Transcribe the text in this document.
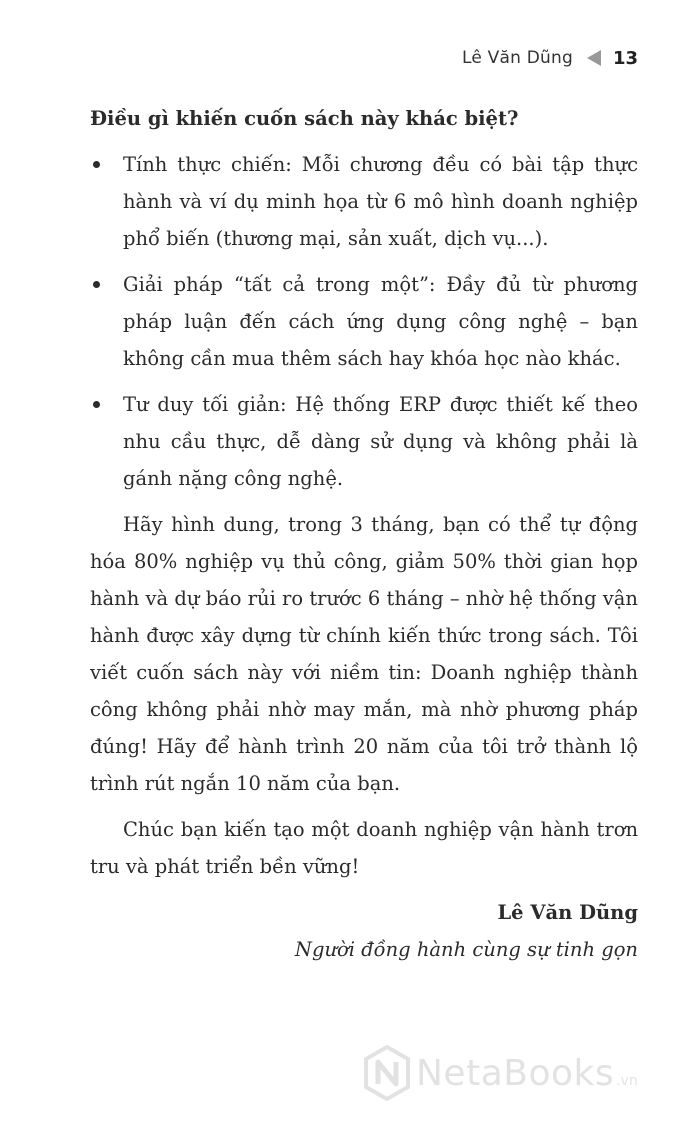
Lê Văn Dũng 13

Điều gì khiến cuốn sách này khác biệt?

Tính thực chiến: Mỗi chương đều có bài tập thực hành và ví dụ minh họa từ 6 mô hình doanh nghiệp phổ biến (thương mại, sản xuất, dịch vụ...).
Giải pháp “tất cả trong một”: Đầy đủ từ phương pháp luận đến cách ứng dụng công nghệ – bạn không cần mua thêm sách hay khóa học nào khác.
Tư duy tối giản: Hệ thống ERP được thiết kế theo nhu cầu thực, dễ dàng sử dụng và không phải là gánh nặng công nghệ.

Hãy hình dung, trong 3 tháng, bạn có thể tự động hóa 80% nghiệp vụ thủ công, giảm 50% thời gian họp hành và dự báo rủi ro trước 6 tháng – nhờ hệ thống vận hành được xây dựng từ chính kiến thức trong sách. Tôi viết cuốn sách này với niềm tin: Doanh nghiệp thành công không phải nhờ may mắn, mà nhờ phương pháp đúng! Hãy để hành trình 20 năm của tôi trở thành lộ trình rút ngắn 10 năm của bạn.

Chúc bạn kiến tạo một doanh nghiệp vận hành trơn tru và phát triển bền vững!

Lê Văn Dũng
Người đồng hành cùng sự tinh gọn
NetaBooks .vn
